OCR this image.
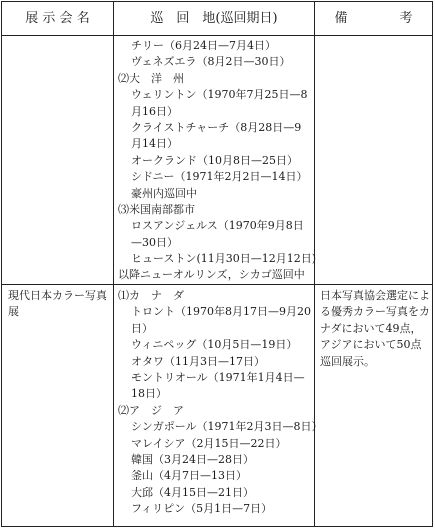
展 示 会 名	巡　回　地(巡回期日)	備　　　　考
チリー（6月24日—7月4日）
ヴェネズエラ（8月2日—30日）
⑵大　洋　州
ウェリントン（1970年7月25日—8
月16日）
クライストチャーチ（8月28日—9
月14日）
オークランド（10月8日—25日）
シドニー（1971年2月2日—14日）
豪州内巡回中
⑶米国南部都市
ロスアンジェルス（1970年9月8日
—30日）
ヒューストン(11月30日—12月12日)
以降ニューオルリンズ，シカゴ巡回中
現代日本カラー写真展
⑴カ　ナ　ダ
トロント（1970年8月17日—9月20
日）
ウィニペッグ（10月5日—19日）
オタワ（11月3日—17日）
モントリオール（1971年1月4日—
18日）
⑵ア　ジ　ア
シンガポール（1971年2月3日—8日）
マレイシア（2月15日—22日）
韓国（3月24日—28日）
釜山（4月7日—13日）
大邱（4月15日—21日）
フィリピン（5月1日—7日）
日本写真協会選定による優秀カラー写真をカナダにおいて49点，アジアにおいて50点巡回展示。
